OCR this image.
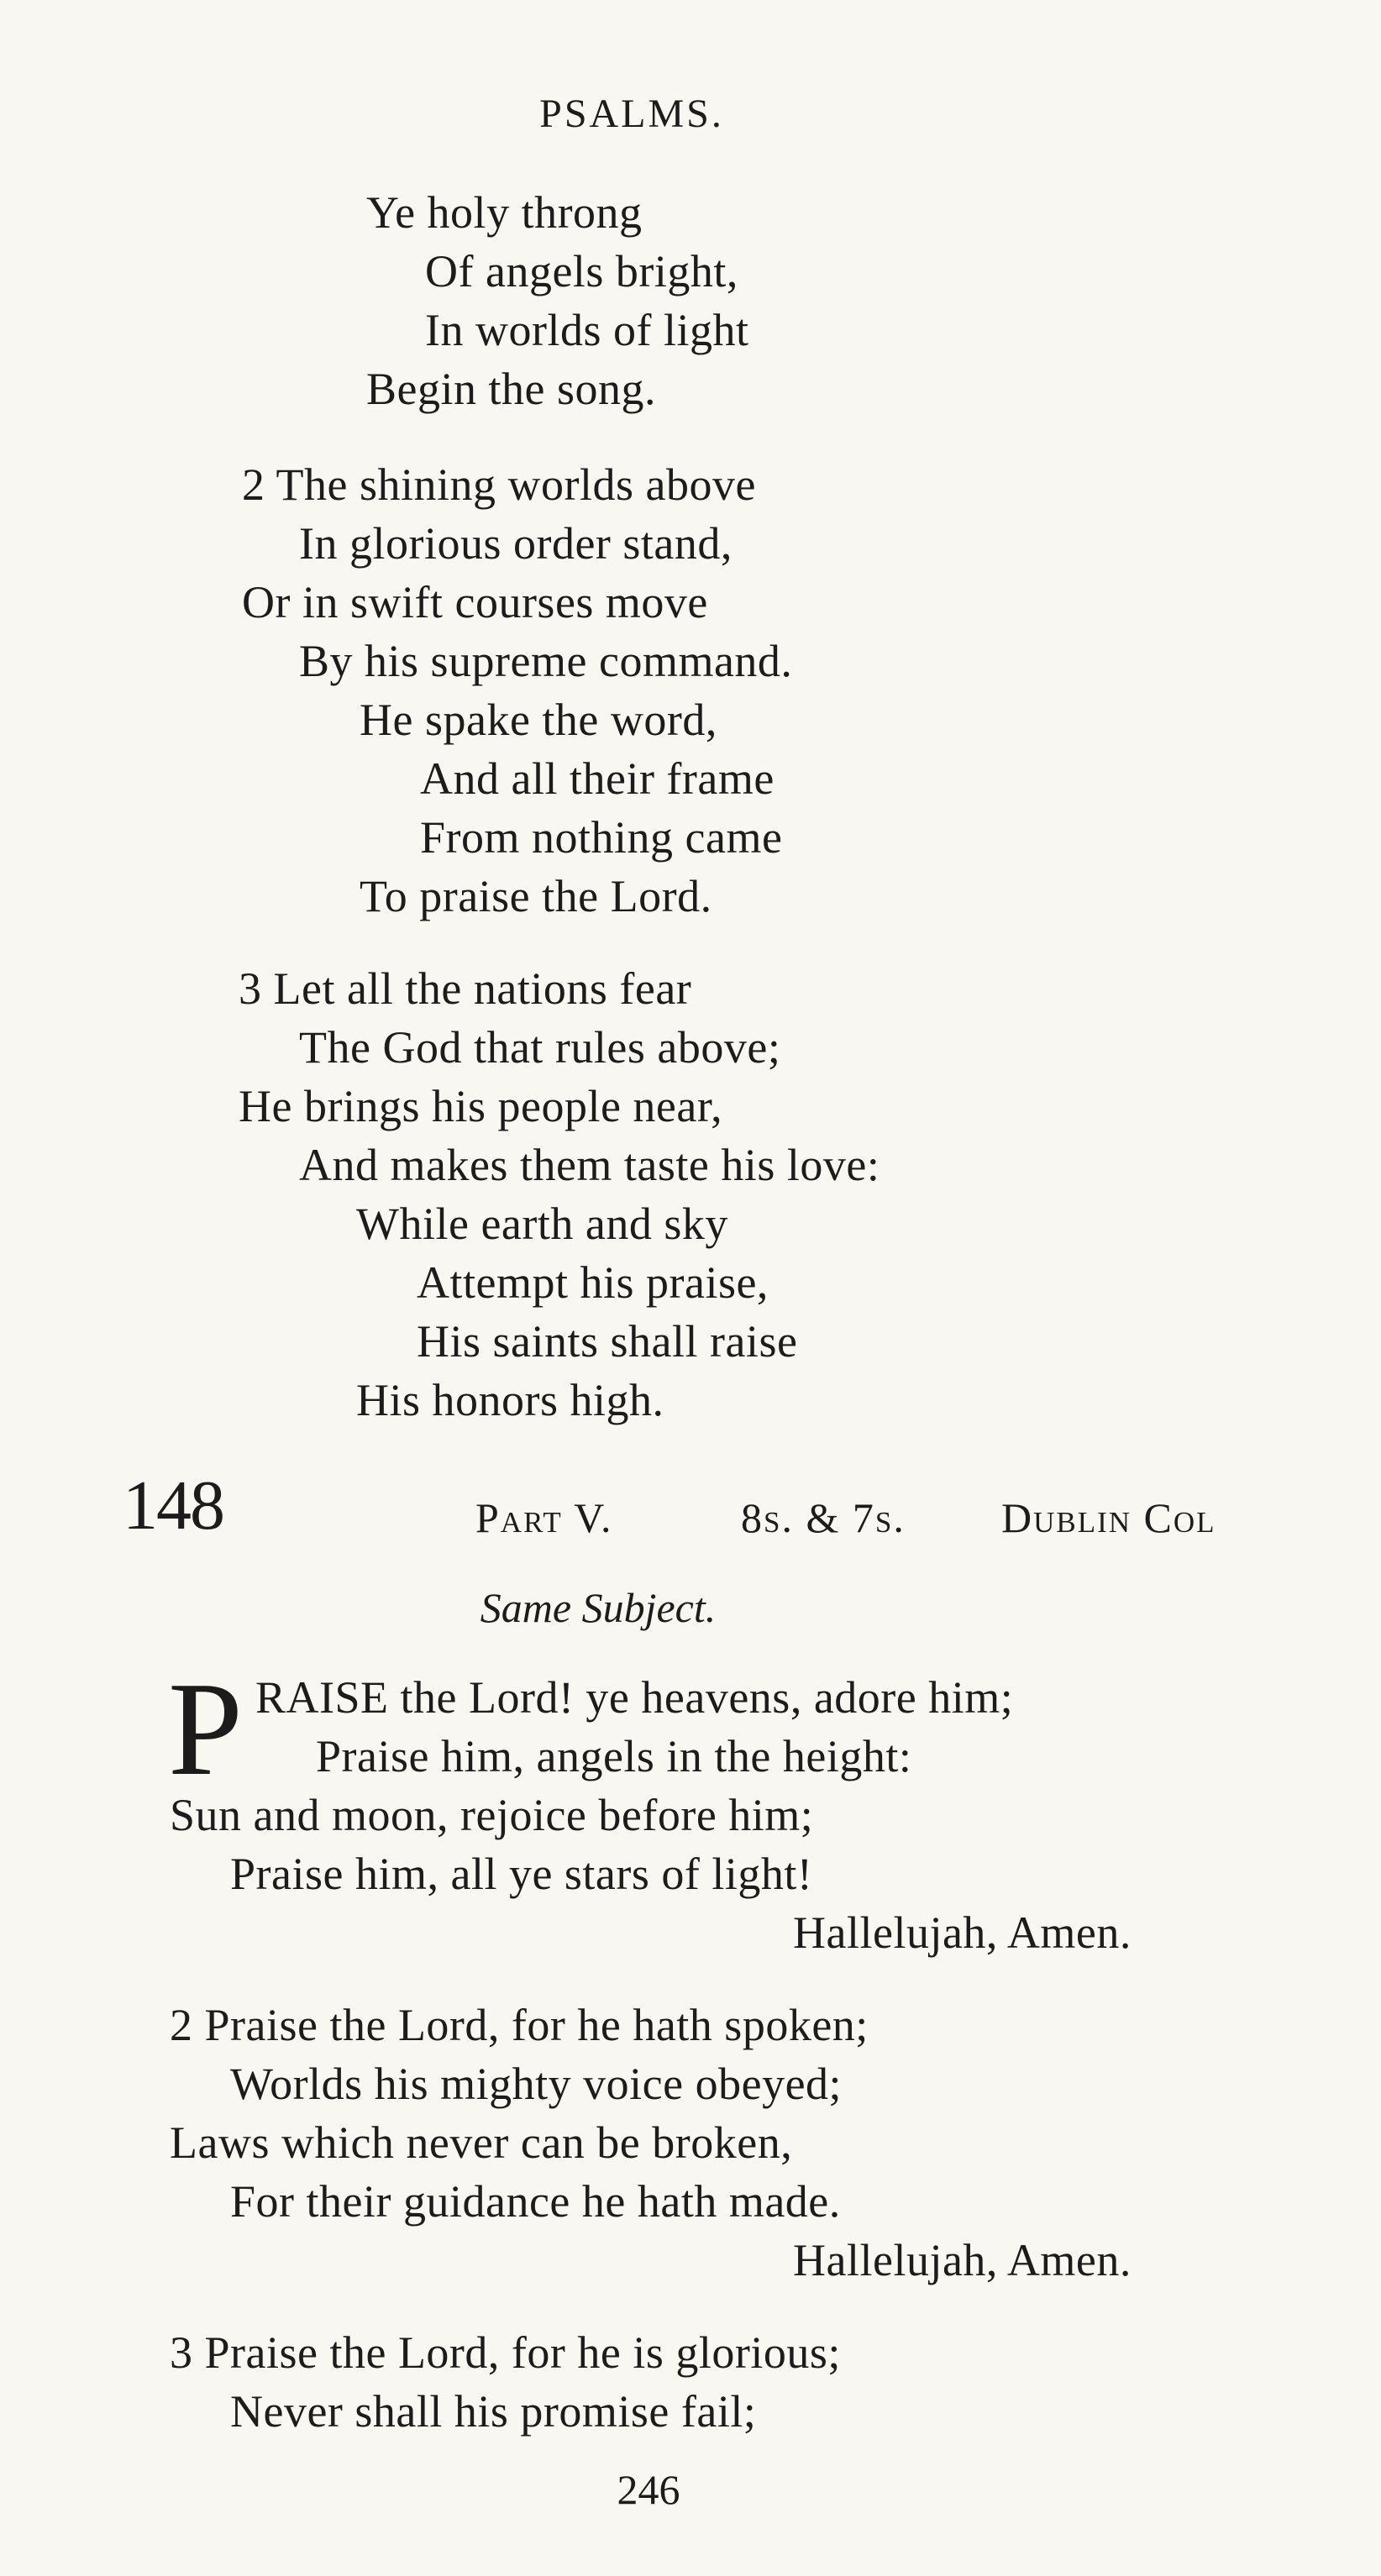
PSALMS.
Ye holy throng
Of angels bright,
In worlds of light
Begin the song.
2 The shining worlds above
In glorious order stand,
Or in swift courses move
By his supreme command.
He spake the word,
And all their frame
From nothing came
To praise the Lord.
3 Let all the nations fear
The God that rules above;
He brings his people near,
And makes them taste his love:
While earth and sky
Attempt his praise,
His saints shall raise
His honors high.
148	Part V.	8s. & 7s. Dublin Col
Same Subject.
P RAISE the Lord! ye heavens, adore him;
Praise him, angels in the height:
Sun and moon, rejoice before him;
Praise him, all ye stars of light!
Hallelujah, Amen.
2 Praise the Lord, for he hath spoken;
Worlds his mighty voice obeyed;
Laws which never can be broken,
For their guidance he hath made.
Hallelujah, Amen.
3 Praise the Lord, for he is glorious;
Never shall his promise fail;
246
